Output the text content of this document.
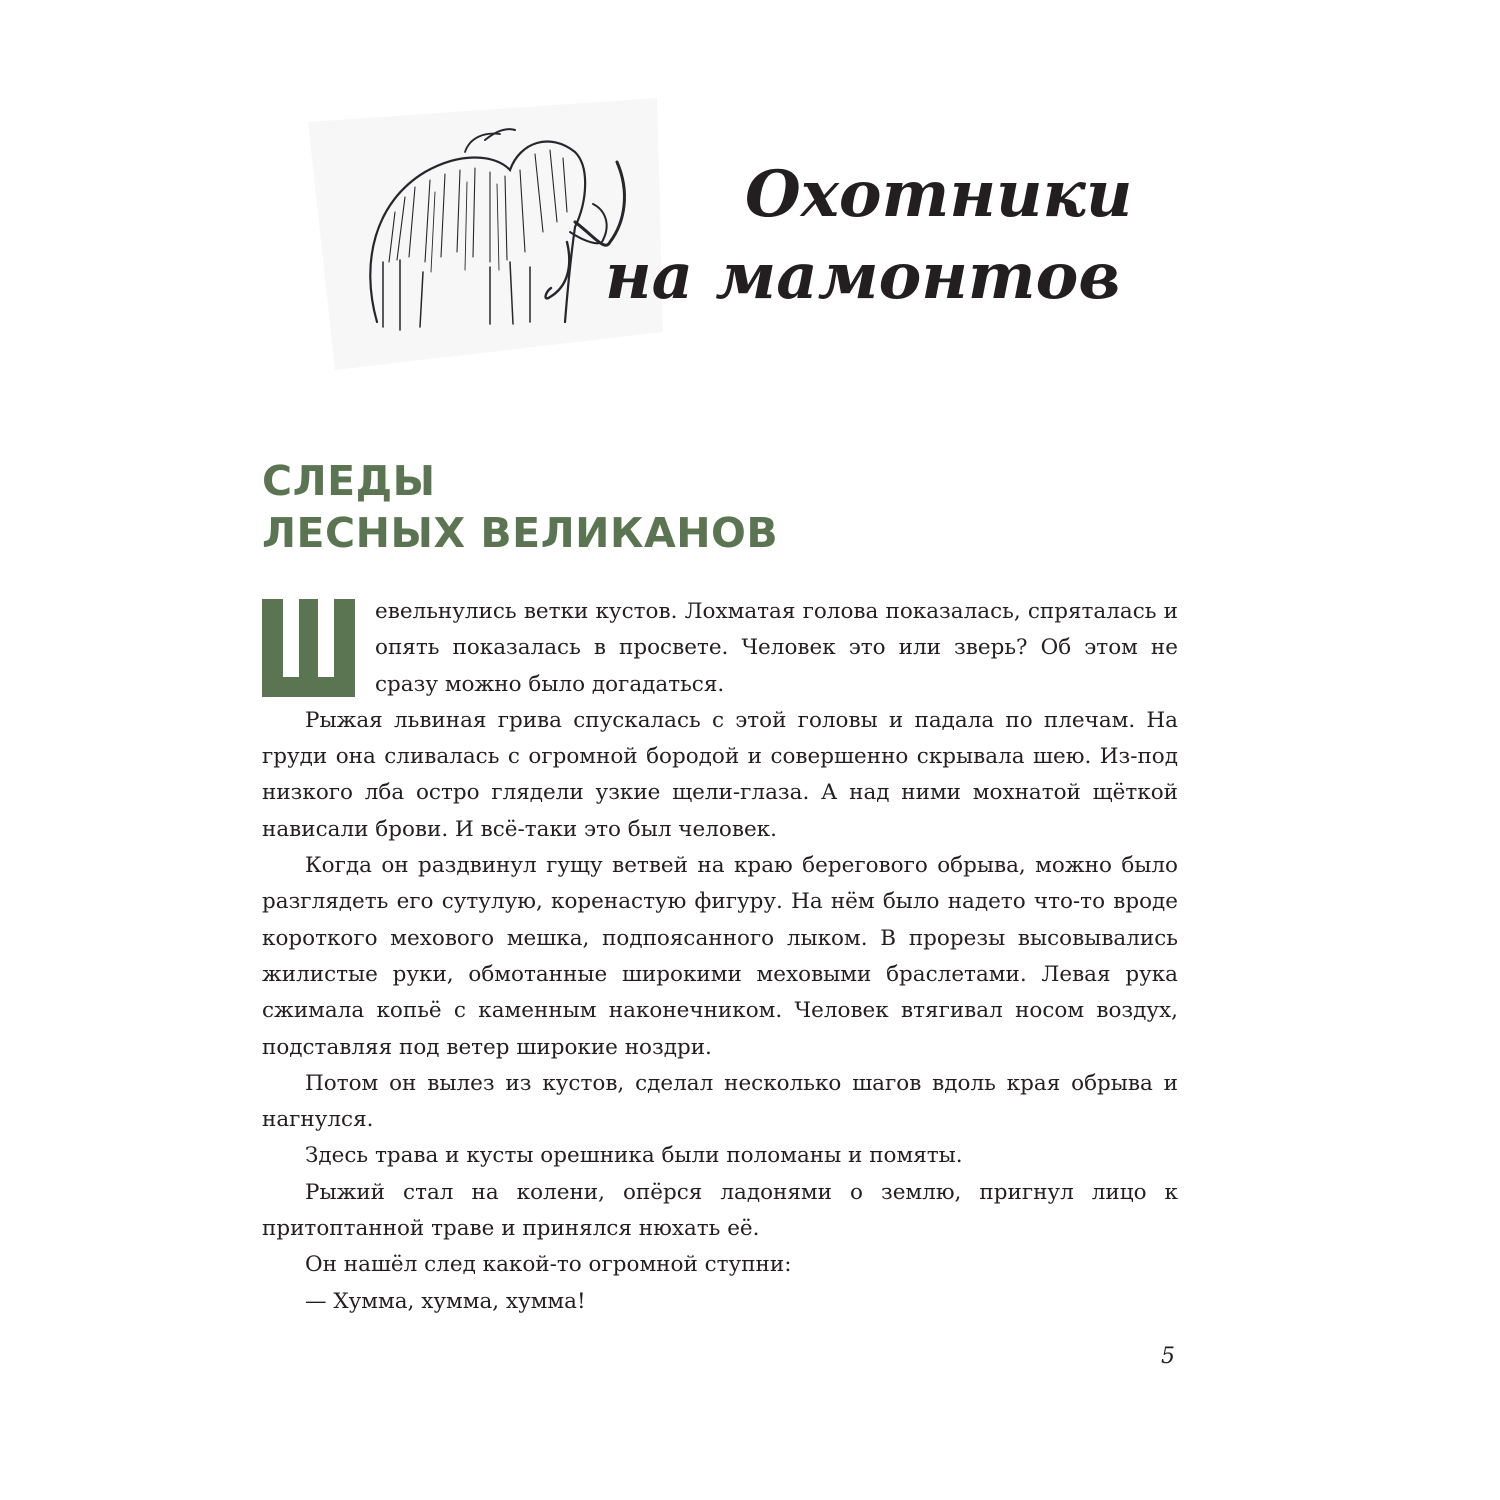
Охотники
на мамонтов
СЛЕДЫ
ЛЕСНЫХ ВЕЛИКАНОВ
Ш

евельнулись ветки кустов. Лохматая голова показалась, спряталась и опять показалась в просвете. Человек это или зверь? Об этом не сразу можно было догадаться.

Рыжая львиная грива спускалась с этой головы и падала по плечам. На груди она сливалась с огромной бородой и совершенно скрывала шею. Из-под низкого лба остро глядели узкие щели-глаза. А над ними мохнатой щёткой нависали брови. И всё-таки это был человек.

Когда он раздвинул гущу ветвей на краю берегового обрыва, можно было разглядеть его сутулую, коренастую фигуру. На нём было надето что-то вроде короткого мехового мешка, подпоясанного лыком. В прорезы высовывались жилистые руки, обмотанные широкими меховыми браслетами. Левая рука сжимала копьё с каменным наконечником. Человек втягивал носом воздух, подставляя под ветер широкие ноздри.

Потом он вылез из кустов, сделал несколько шагов вдоль края обрыва и нагнулся.

Здесь трава и кусты орешника были поломаны и помяты.

Рыжий стал на колени, опёрся ладонями о землю, пригнул лицо к притоптанной траве и принялся нюхать её.

Он нашёл след какой-то огромной ступни:

— Хумма, хумма, хумма!

5
